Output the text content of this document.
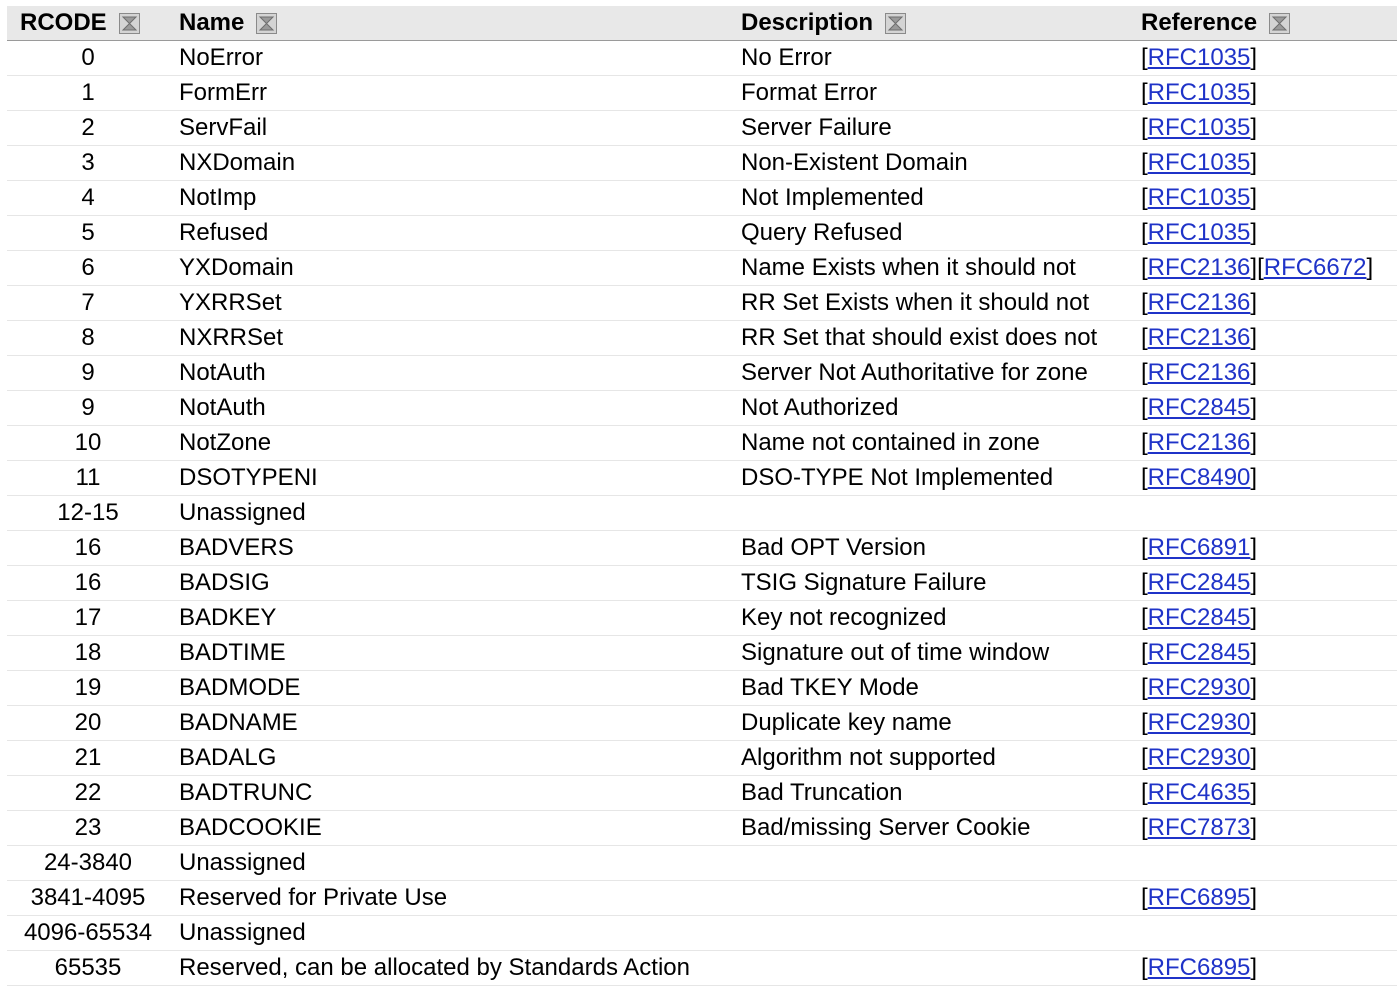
RCODE	Name	Description	Reference

0	NoError	No Error	[RFC1035]
1	FormErr	Format Error	[RFC1035]
2	ServFail	Server Failure	[RFC1035]
3	NXDomain	Non-Existent Domain	[RFC1035]
4	NotImp	Not Implemented	[RFC1035]
5	Refused	Query Refused	[RFC1035]
6	YXDomain	Name Exists when it should not	[RFC2136][RFC6672]
7	YXRRSet	RR Set Exists when it should not	[RFC2136]
8	NXRRSet	RR Set that should exist does not	[RFC2136]
9	NotAuth	Server Not Authoritative for zone	[RFC2136]
9	NotAuth	Not Authorized	[RFC2845]
10	NotZone	Name not contained in zone	[RFC2136]
11	DSOTYPENI	DSO-TYPE Not Implemented	[RFC8490]
12-15	Unassigned		
16	BADVERS	Bad OPT Version	[RFC6891]
16	BADSIG	TSIG Signature Failure	[RFC2845]
17	BADKEY	Key not recognized	[RFC2845]
18	BADTIME	Signature out of time window	[RFC2845]
19	BADMODE	Bad TKEY Mode	[RFC2930]
20	BADNAME	Duplicate key name	[RFC2930]
21	BADALG	Algorithm not supported	[RFC2930]
22	BADTRUNC	Bad Truncation	[RFC4635]
23	BADCOOKIE	Bad/missing Server Cookie	[RFC7873]
24-3840	Unassigned		
3841-4095	Reserved for Private Use		[RFC6895]
4096-65534	Unassigned		
65535	Reserved, can be allocated by Standards Action		[RFC6895]
